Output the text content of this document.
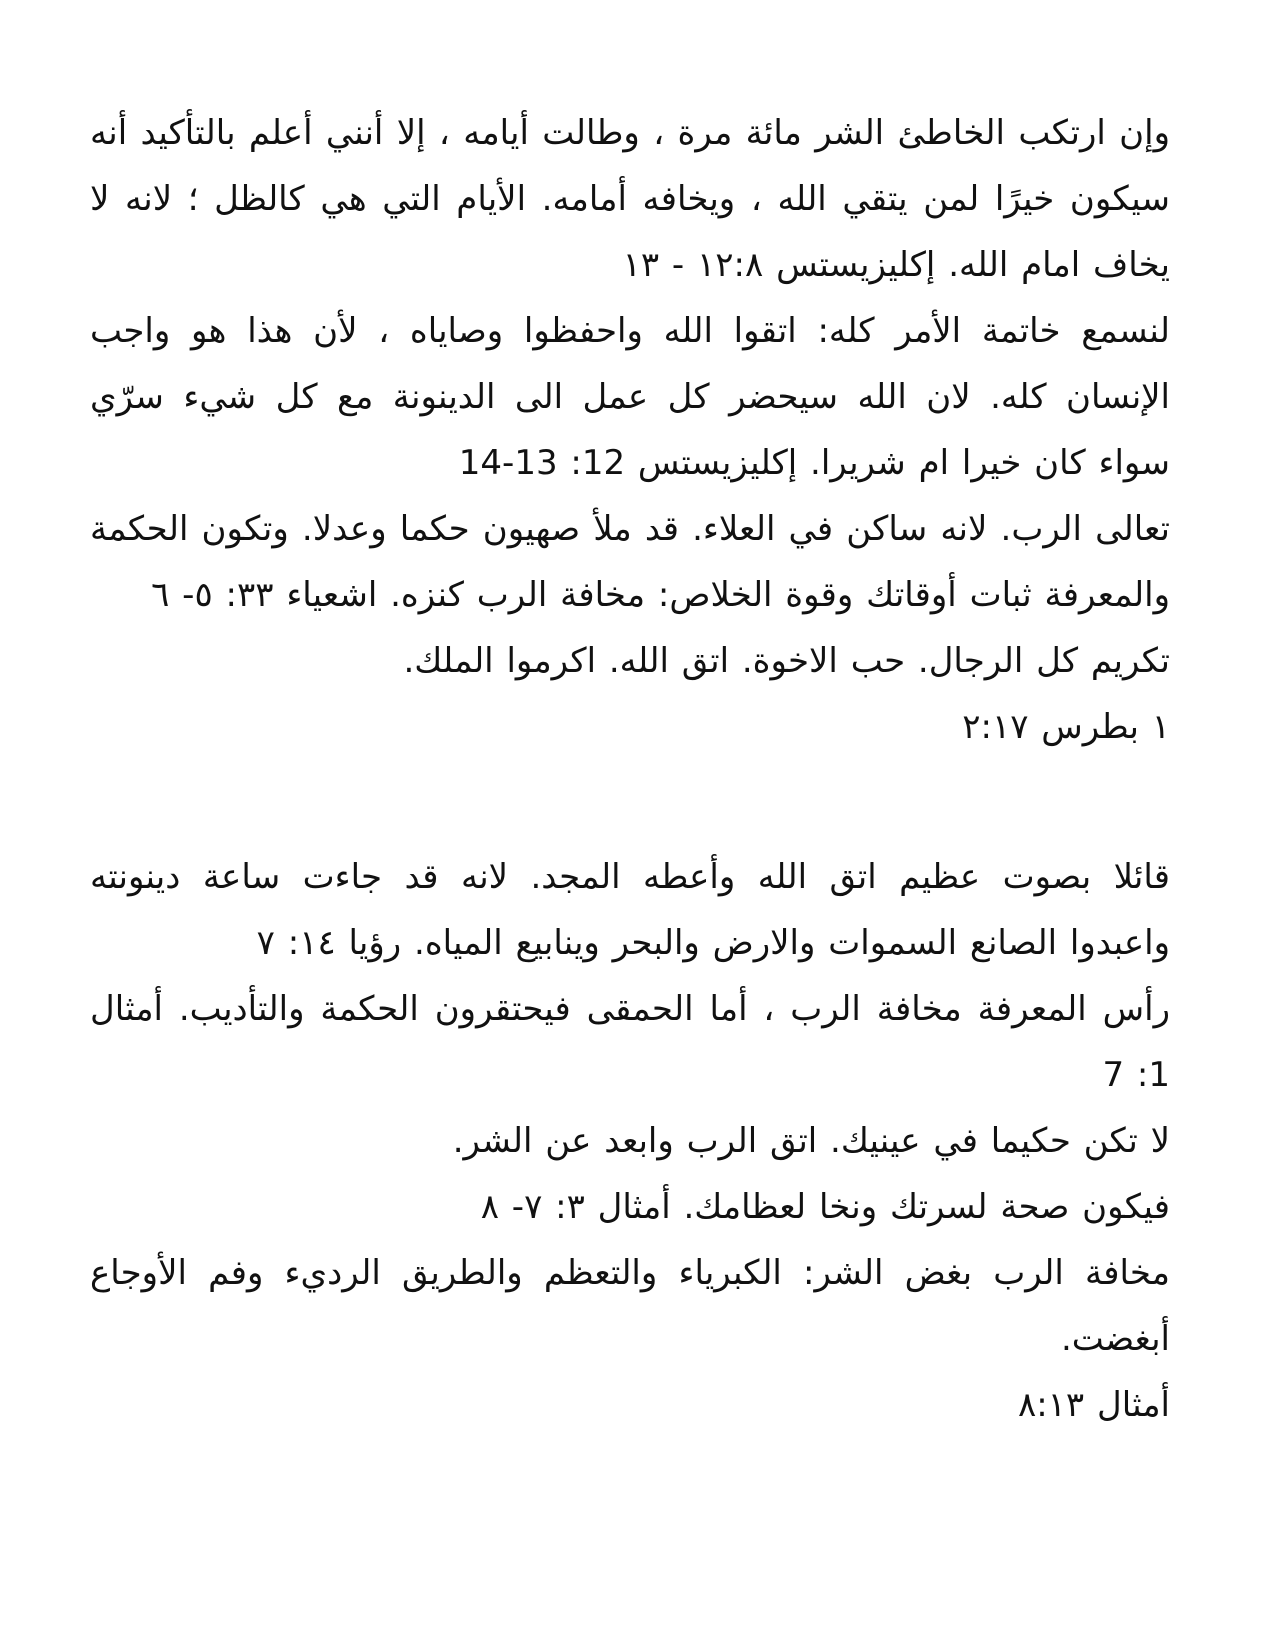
وإن ارتكب الخاطئ الشر مائة مرة ، وطالت أيامه ، إلا أنني أعلم بالتأكيد أنه سيكون خيرًا لمن يتقي الله ، ويخافه أمامه. الأيام التي هي كالظل ؛ لانه لا يخاف امام الله. إكليزيستس ١٢:٨ - ١٣

لنسمع خاتمة الأمر كله: اتقوا الله واحفظوا وصاياه ، لأن هذا هو واجب الإنسان كله. لان الله سيحضر كل عمل الى الدينونة مع كل شيء سرّي سواء كان خيرا ام شريرا. إكليزيستس 12: 13-14

تعالى الرب. لانه ساكن في العلاء. قد ملأ صهيون حكما وعدلا. وتكون الحكمة والمعرفة ثبات أوقاتك وقوة الخلاص: مخافة الرب كنزه. اشعياء ٣٣: ٥- ٦

تكريم كل الرجال. حب الاخوة. اتق الله. اكرموا الملك.

١ بطرس ٢:١٧

قائلا بصوت عظيم اتق الله وأعطه المجد. لانه قد جاءت ساعة دينونته واعبدوا الصانع السموات والارض والبحر وينابيع المياه. رؤيا ١٤: ٧

رأس المعرفة مخافة الرب ، أما الحمقى فيحتقرون الحكمة والتأديب. أمثال 1: 7

لا تكن حكيما في عينيك. اتق الرب وابعد عن الشر.

فيكون صحة لسرتك ونخا لعظامك. أمثال ٣: ٧- ٨

مخافة الرب بغض الشر: الكبرياء والتعظم والطريق الرديء وفم الأوجاع أبغضت.

أمثال ٨:١٣
